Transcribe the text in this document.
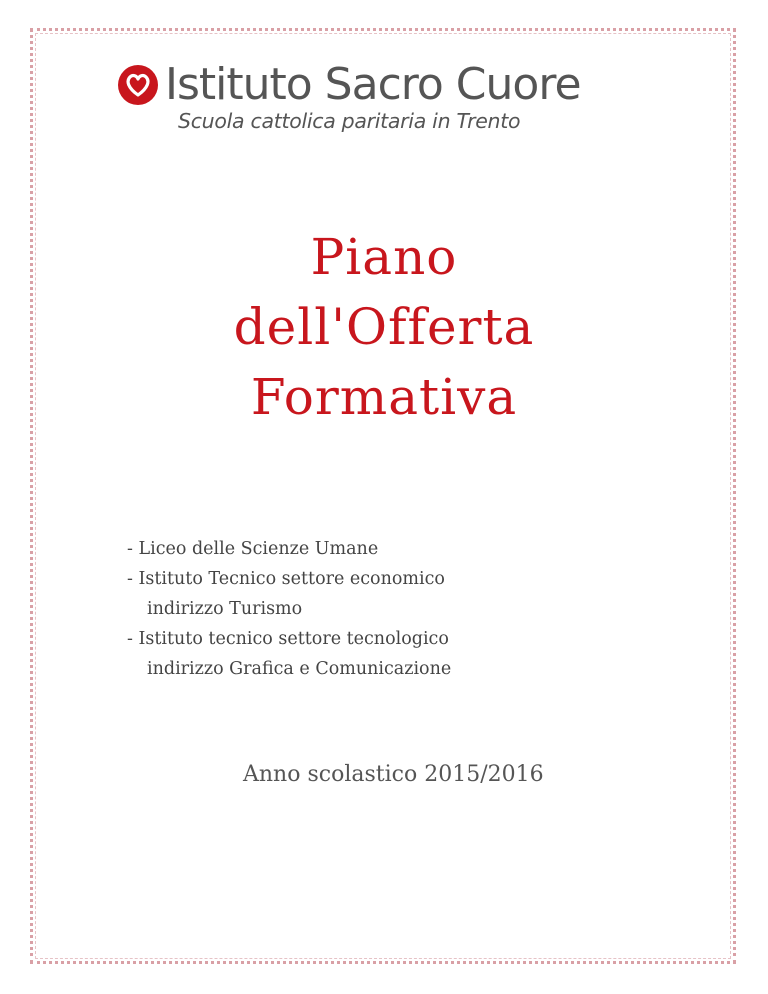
Istituto Sacro Cuore
Scuola cattolica paritaria in Trento
Piano
dell'Offerta
Formativa
- Liceo delle Scienze Umane
- Istituto Tecnico settore economico
indirizzo Turismo
- Istituto tecnico settore tecnologico
indirizzo Grafica e Comunicazione
Anno scolastico 2015/2016
